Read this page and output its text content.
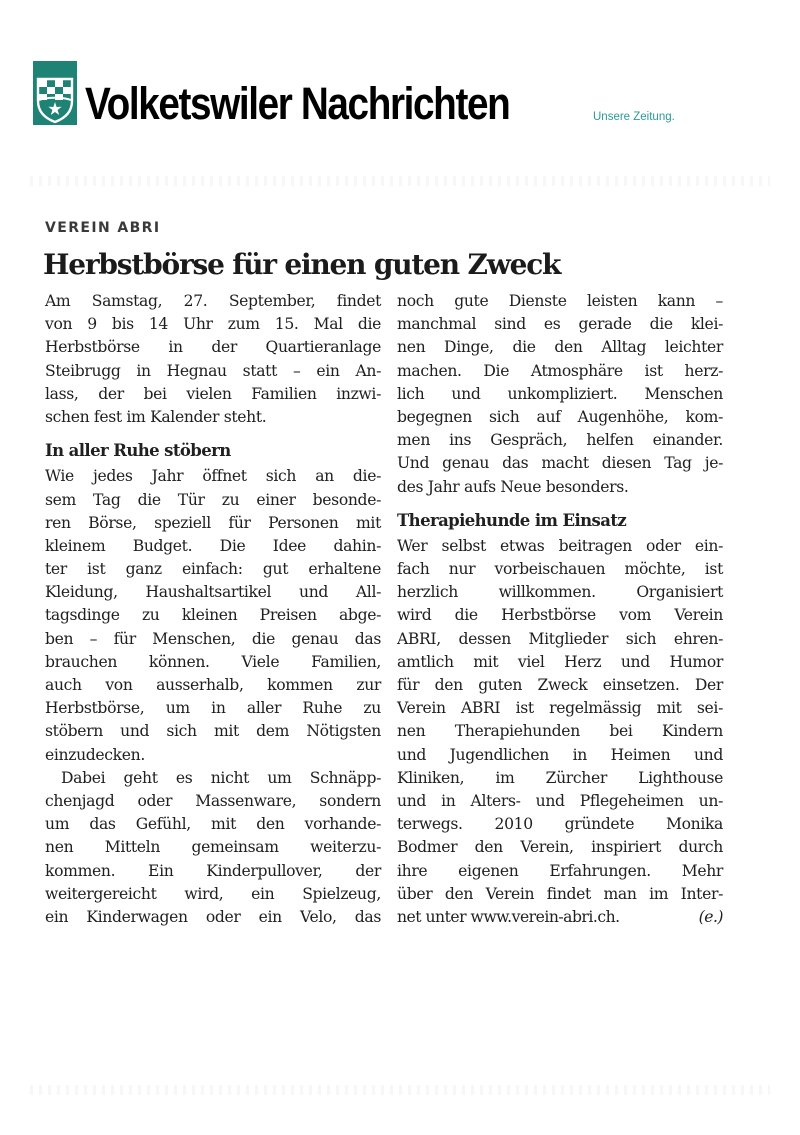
Volketswiler Nachrichten	Unsere Zeitung.
VEREIN ABRI
Herbstbörse für einen guten Zweck
Am Samstag, 27. September, findet
von 9 bis 14 Uhr zum 15. Mal die
Herbstbörse in der Quartieranlage
Steibrugg in Hegnau statt – ein An-
lass, der bei vielen Familien inzwi-
schen fest im Kalender steht.
In aller Ruhe stöbern
Wie jedes Jahr öffnet sich an die-
sem Tag die Tür zu einer besonde-
ren Börse, speziell für Personen mit
kleinem Budget. Die Idee dahin-
ter ist ganz einfach: gut erhaltene
Kleidung, Haushaltsartikel und All-
tagsdinge zu kleinen Preisen abge-
ben – für Menschen, die genau das
brauchen können. Viele Familien,
auch von ausserhalb, kommen zur
Herbstbörse, um in aller Ruhe zu
stöbern und sich mit dem Nötigsten
einzudecken.
Dabei geht es nicht um Schnäpp-
chenjagd oder Massenware, sondern
um das Gefühl, mit den vorhande-
nen Mitteln gemeinsam weiterzu-
kommen. Ein Kinderpullover, der
weitergereicht wird, ein Spielzeug,
ein Kinderwagen oder ein Velo, das
noch gute Dienste leisten kann –
manchmal sind es gerade die klei-
nen Dinge, die den Alltag leichter
machen. Die Atmosphäre ist herz-
lich und unkompliziert. Menschen
begegnen sich auf Augenhöhe, kom-
men ins Gespräch, helfen einander.
Und genau das macht diesen Tag je-
des Jahr aufs Neue besonders.
Therapiehunde im Einsatz
Wer selbst etwas beitragen oder ein-
fach nur vorbeischauen möchte, ist
herzlich willkommen. Organisiert
wird die Herbstbörse vom Verein
ABRI, dessen Mitglieder sich ehren-
amtlich mit viel Herz und Humor
für den guten Zweck einsetzen. Der
Verein ABRI ist regelmässig mit sei-
nen Therapiehunden bei Kindern
und Jugendlichen in Heimen und
Kliniken, im Zürcher Lighthouse
und in Alters- und Pflegeheimen un-
terwegs. 2010 gründete Monika
Bodmer den Verein, inspiriert durch
ihre eigenen Erfahrungen. Mehr
über den Verein findet man im Inter-
net unter www.verein-abri.ch.	(e.)
